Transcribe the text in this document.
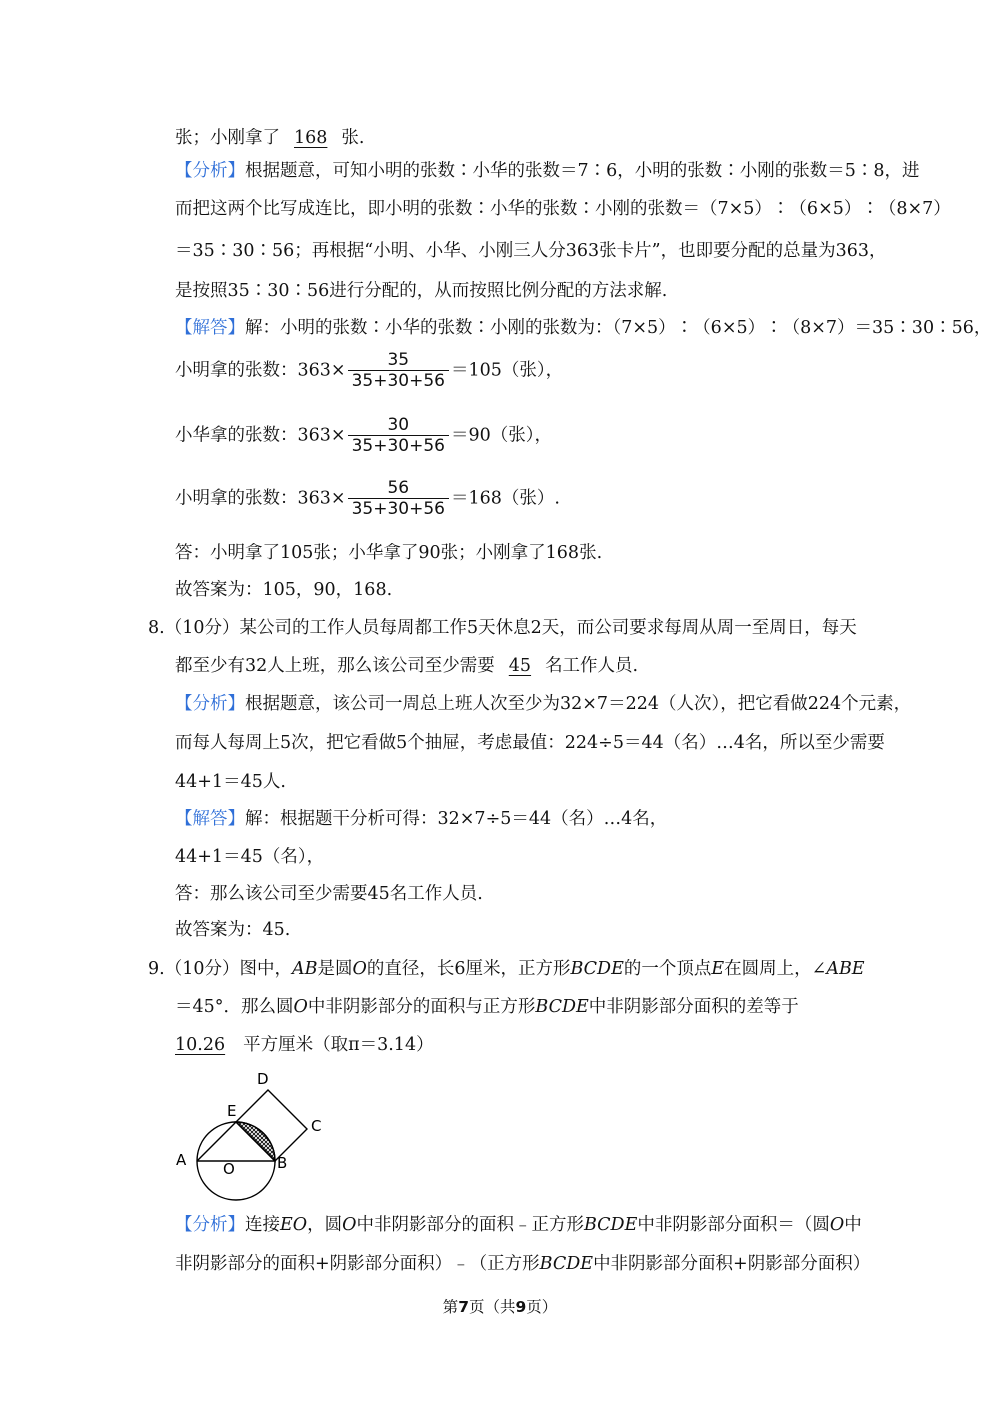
张；小刚拿了 168 张.
【分析】根据题意，可知小明的张数∶小华的张数＝7∶6，小明的张数∶小刚的张数＝5∶8，进
而把这两个比写成连比，即小明的张数∶小华的张数∶小刚的张数＝（7×5）∶（6×5）∶（8×7）
＝35∶30∶56；再根据“小明、小华、小刚三人分363张卡片”，也即要分配的总量为363，
是按照35∶30∶56进行分配的，从而按照比例分配的方法求解.
【解答】解：小明的张数∶小华的张数∶小刚的张数为：（7×5）∶（6×5）∶（8×7）＝35∶30∶56，
小明拿的张数：$363\times \frac{35}{35+30+56} =105$（张），
小华拿的张数：$363\times \frac{30}{35+30+56} =90$（张），
小明拿的张数：$363\times \frac{56}{35+30+56} =168$（张）.
答：小明拿了105张；小华拿了90张；小刚拿了168张.
故答案为：105，90，168.
8.（10分）某公司的工作人员每周都工作5天休息2天，而公司要求每周从周一至周日，每天
都至少有32人上班，那么该公司至少需要 45 名工作人员.
【分析】根据题意，该公司一周总上班人次至少为32×7＝224（人次），把它看做224个元素，
而每人每周上5次，把它看做5个抽屉，考虑最值：224÷5＝44（名）…4名，所以至少需要
44+1＝45人.
【解答】解：根据题干分析可得：32×7÷5＝44（名）…4名，
44+1＝45（名），
答：那么该公司至少需要45名工作人员.
故答案为：45.
9.（10分）图中，AB是圆O的直径，长6厘米，正方形BCDE的一个顶点E在圆周上，∠ABE
＝45°．那么圆O中非阴影部分的面积与正方形BCDE中非阴影部分面积的差等于
10.26 平方厘米（取π＝3.14）
A O	B
C
D
E
【分析】连接EO，圆O中非阴影部分的面积﹣正方形BCDE中非阴影部分面积＝（圆O中
非阴影部分的面积+阴影部分面积）﹣（正方形BCDE中非阴影部分面积+阴影部分面积）
第7页（共9页）
